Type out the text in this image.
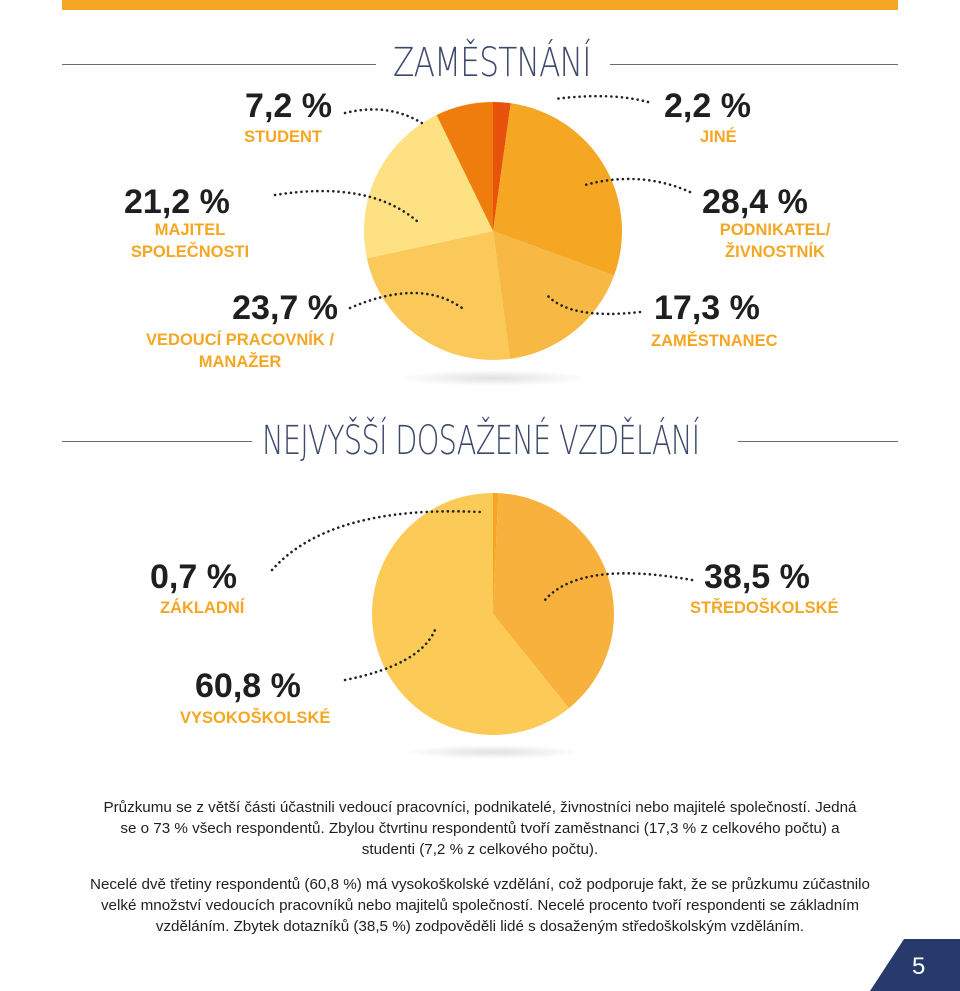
ZAMĚSTNÁNÍ
7,2 %
STUDENT
2,2 %
JINÉ
21,2 %
MAJITEL
SPOLEČNOSTI
28,4 %
PODNIKATEL/
ŽIVNOSTNÍK
23,7 %
VEDOUCÍ PRACOVNÍK /
MANAŽER
17,3 %
ZAMĚSTNANEC
NEJVYŠŠÍ DOSAŽENÉ VZDĚLÁNÍ
0,7 %
ZÁKLADNÍ
38,5 %
STŘEDOŠKOLSKÉ
60,8 %
VYSOKOŠKOLSKÉ
Průzkumu se z větší části účastnili vedoucí pracovníci, podnikatelé, živnostníci nebo majitelé společností. Jedná se o 73 % všech respondentů. Zbylou čtvrtinu respondentů tvoří zaměstnanci (17,3 % z celkového počtu) a studenti (7,2 % z celkového počtu).
Necelé dvě třetiny respondentů (60,8 %) má vysokoškolské vzdělání, což podporuje fakt, že se průzkumu zúčastnilo velké množství vedoucích pracovníků nebo majitelů společností. Necelé procento tvoří respondenti se základním vzděláním. Zbytek dotazníků (38,5 %) zodpověděli lidé s dosaženým středoškolským vzděláním.
5
